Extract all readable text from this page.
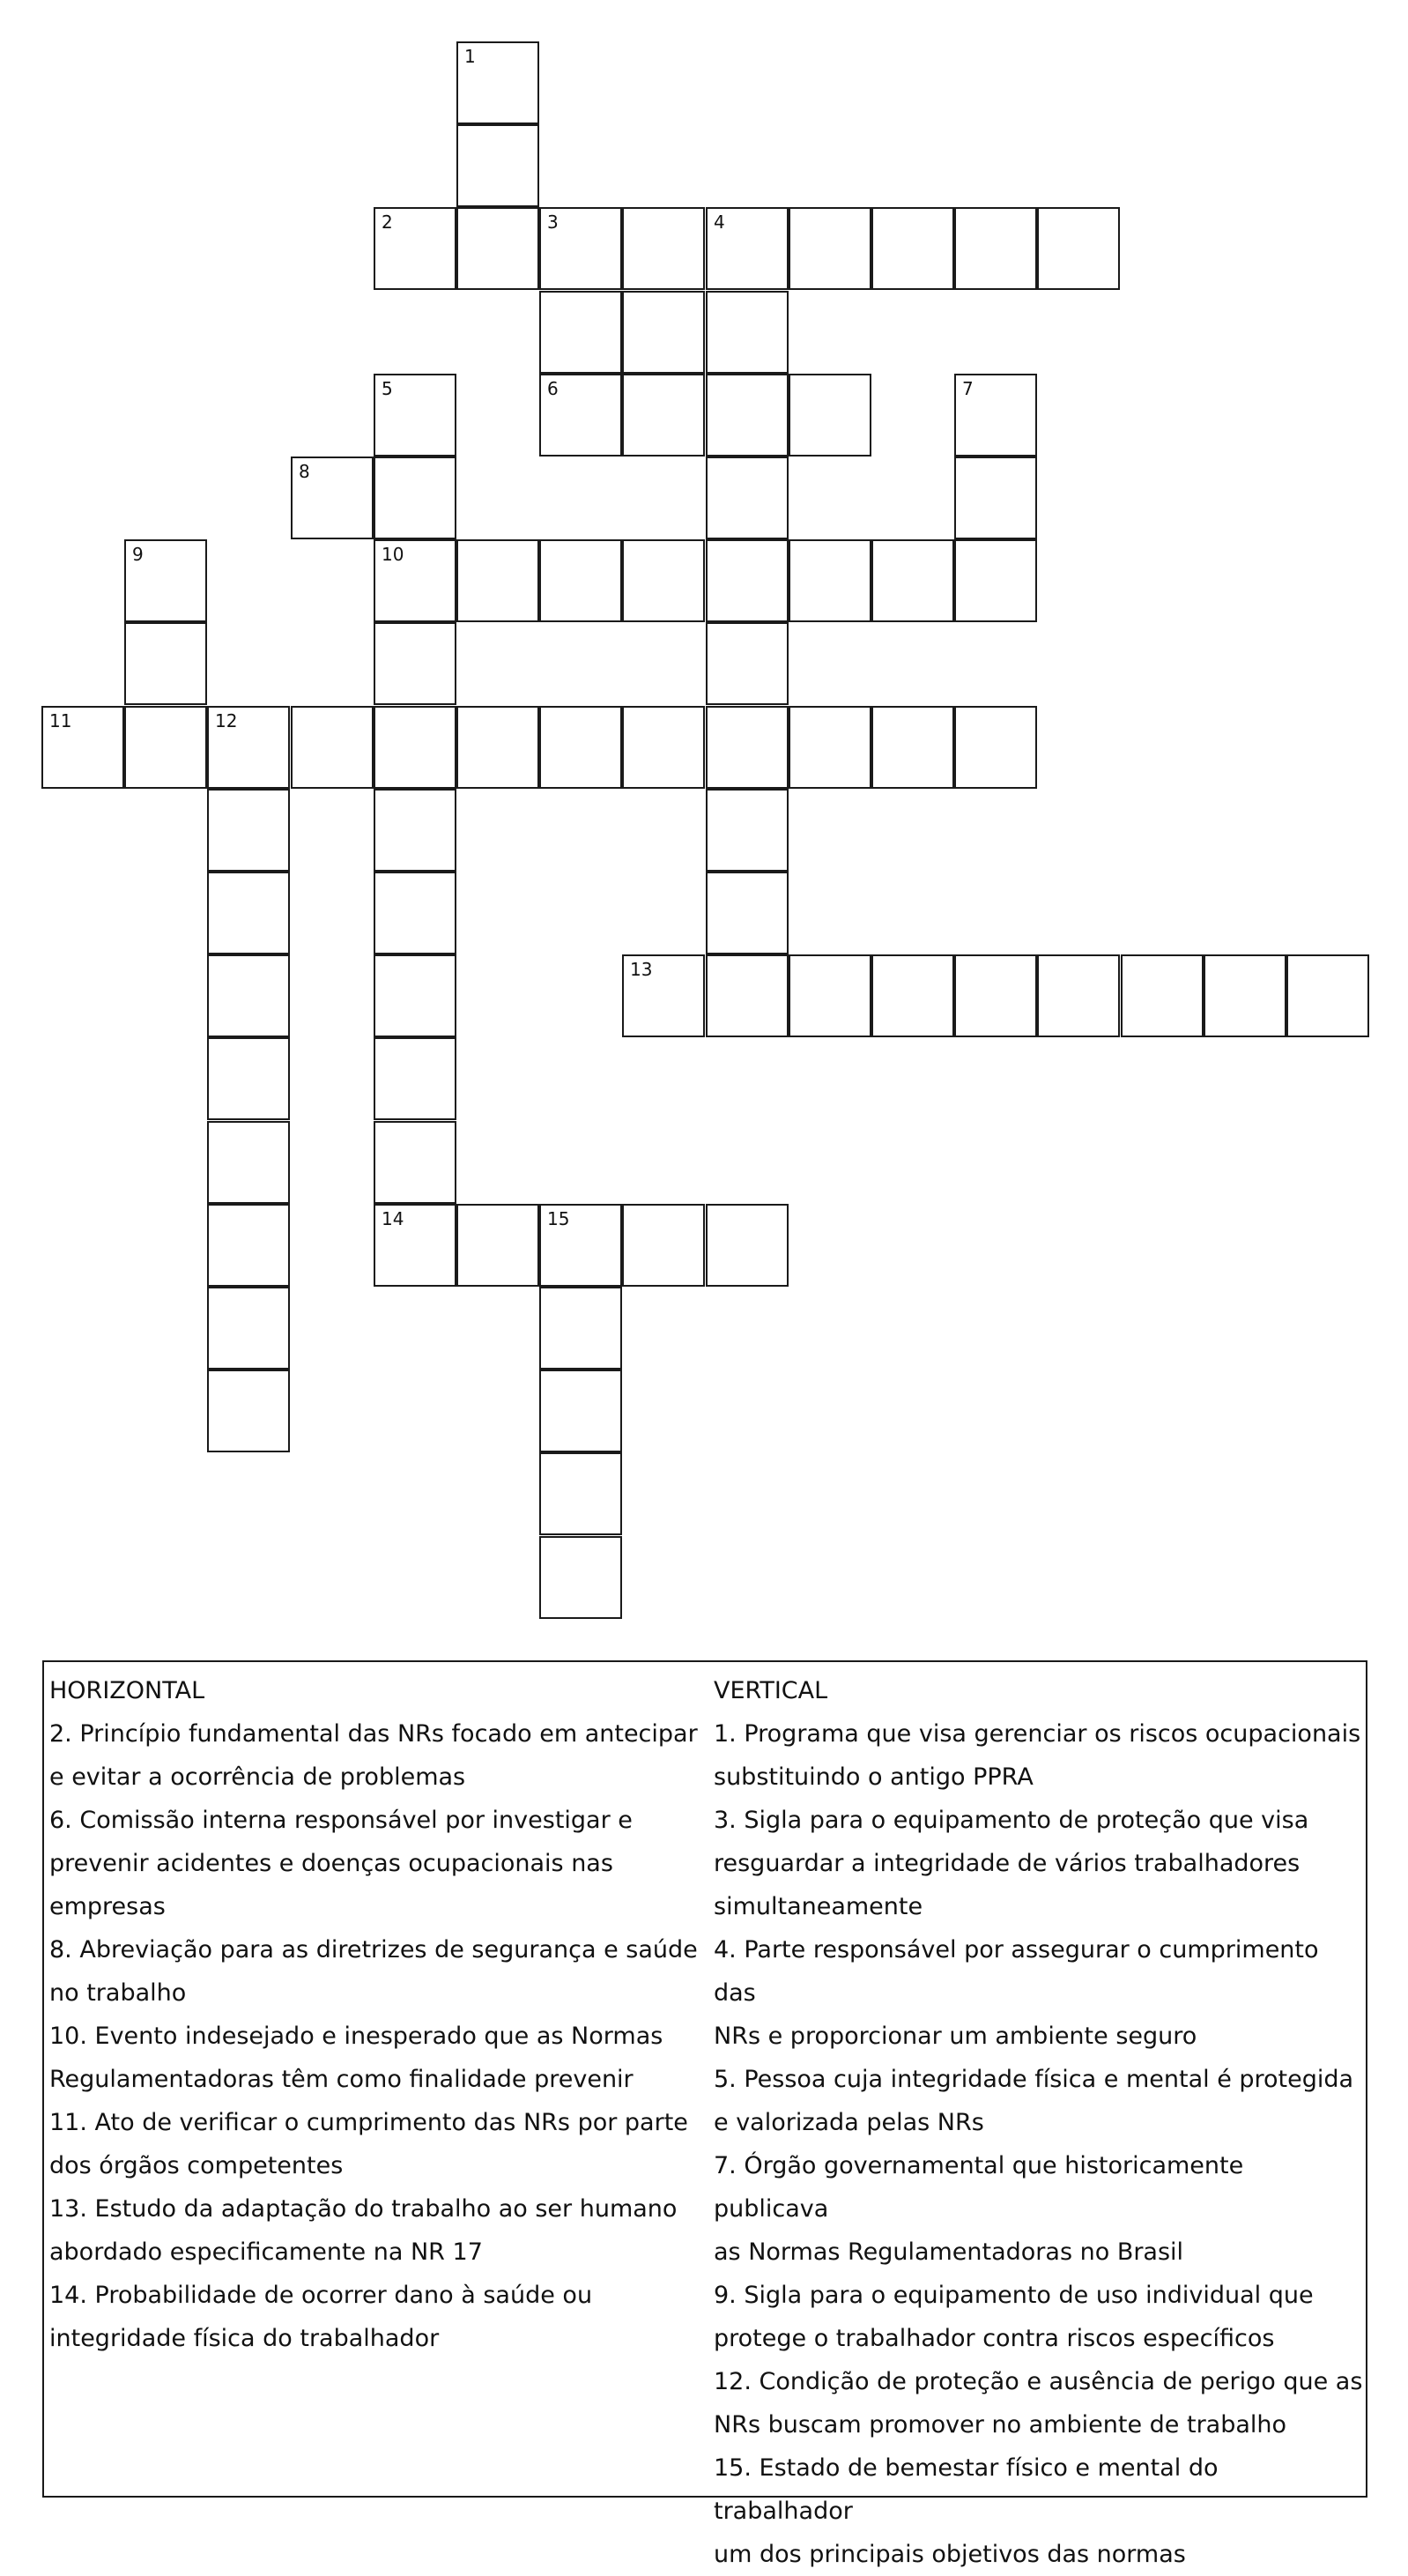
1
2	3	4
5	6	7
8
9	10
11	12
13
14	15
HORIZONTAL
2. Princípio fundamental das NRs focado em antecipar
e evitar a ocorrência de problemas
6. Comissão interna responsável por investigar e
prevenir acidentes e doenças ocupacionais nas
empresas
8. Abreviação para as diretrizes de segurança e saúde
no trabalho
10. Evento indesejado e inesperado que as Normas
Regulamentadoras têm como finalidade prevenir
11. Ato de verificar o cumprimento das NRs por parte
dos órgãos competentes
13. Estudo da adaptação do trabalho ao ser humano
abordado especificamente na NR 17
14. Probabilidade de ocorrer dano à saúde ou
integridade física do trabalhador
VERTICAL
1. Programa que visa gerenciar os riscos ocupacionais
substituindo o antigo PPRA
3. Sigla para o equipamento de proteção que visa
resguardar a integridade de vários trabalhadores
simultaneamente
4. Parte responsável por assegurar o cumprimento das
NRs e proporcionar um ambiente seguro
5. Pessoa cuja integridade física e mental é protegida
e valorizada pelas NRs
7. Órgão governamental que historicamente publicava
as Normas Regulamentadoras no Brasil
9. Sigla para o equipamento de uso individual que
protege o trabalhador contra riscos específicos
12. Condição de proteção e ausência de perigo que as
NRs buscam promover no ambiente de trabalho
15. Estado de bemestar físico e mental do trabalhador
um dos principais objetivos das normas
